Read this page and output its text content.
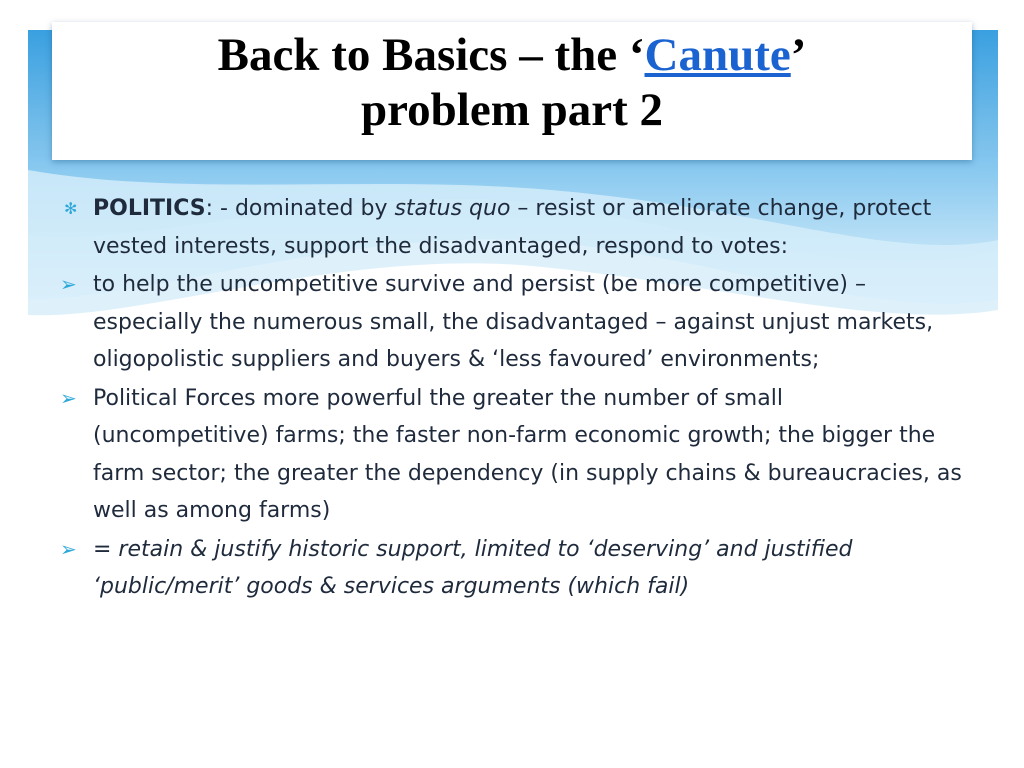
Back to Basics – the ‘Canute’
problem part 2
✻ POLITICS: - dominated by status quo – resist or ameliorate change, protect vested interests, support the disadvantaged, respond to votes:
➢ to help the uncompetitive survive and persist (be more competitive) – especially the numerous small, the disadvantaged – against unjust markets, oligopolistic suppliers and buyers & ‘less favoured’ environments;
➢ Political Forces more powerful the greater the number of small (uncompetitive) farms; the faster non-farm economic growth; the bigger the farm sector; the greater the dependency (in supply chains & bureaucracies, as well as among farms)
➢ = retain & justify historic support, limited to ‘deserving’ and justified ‘public/merit’ goods & services arguments (which fail)
